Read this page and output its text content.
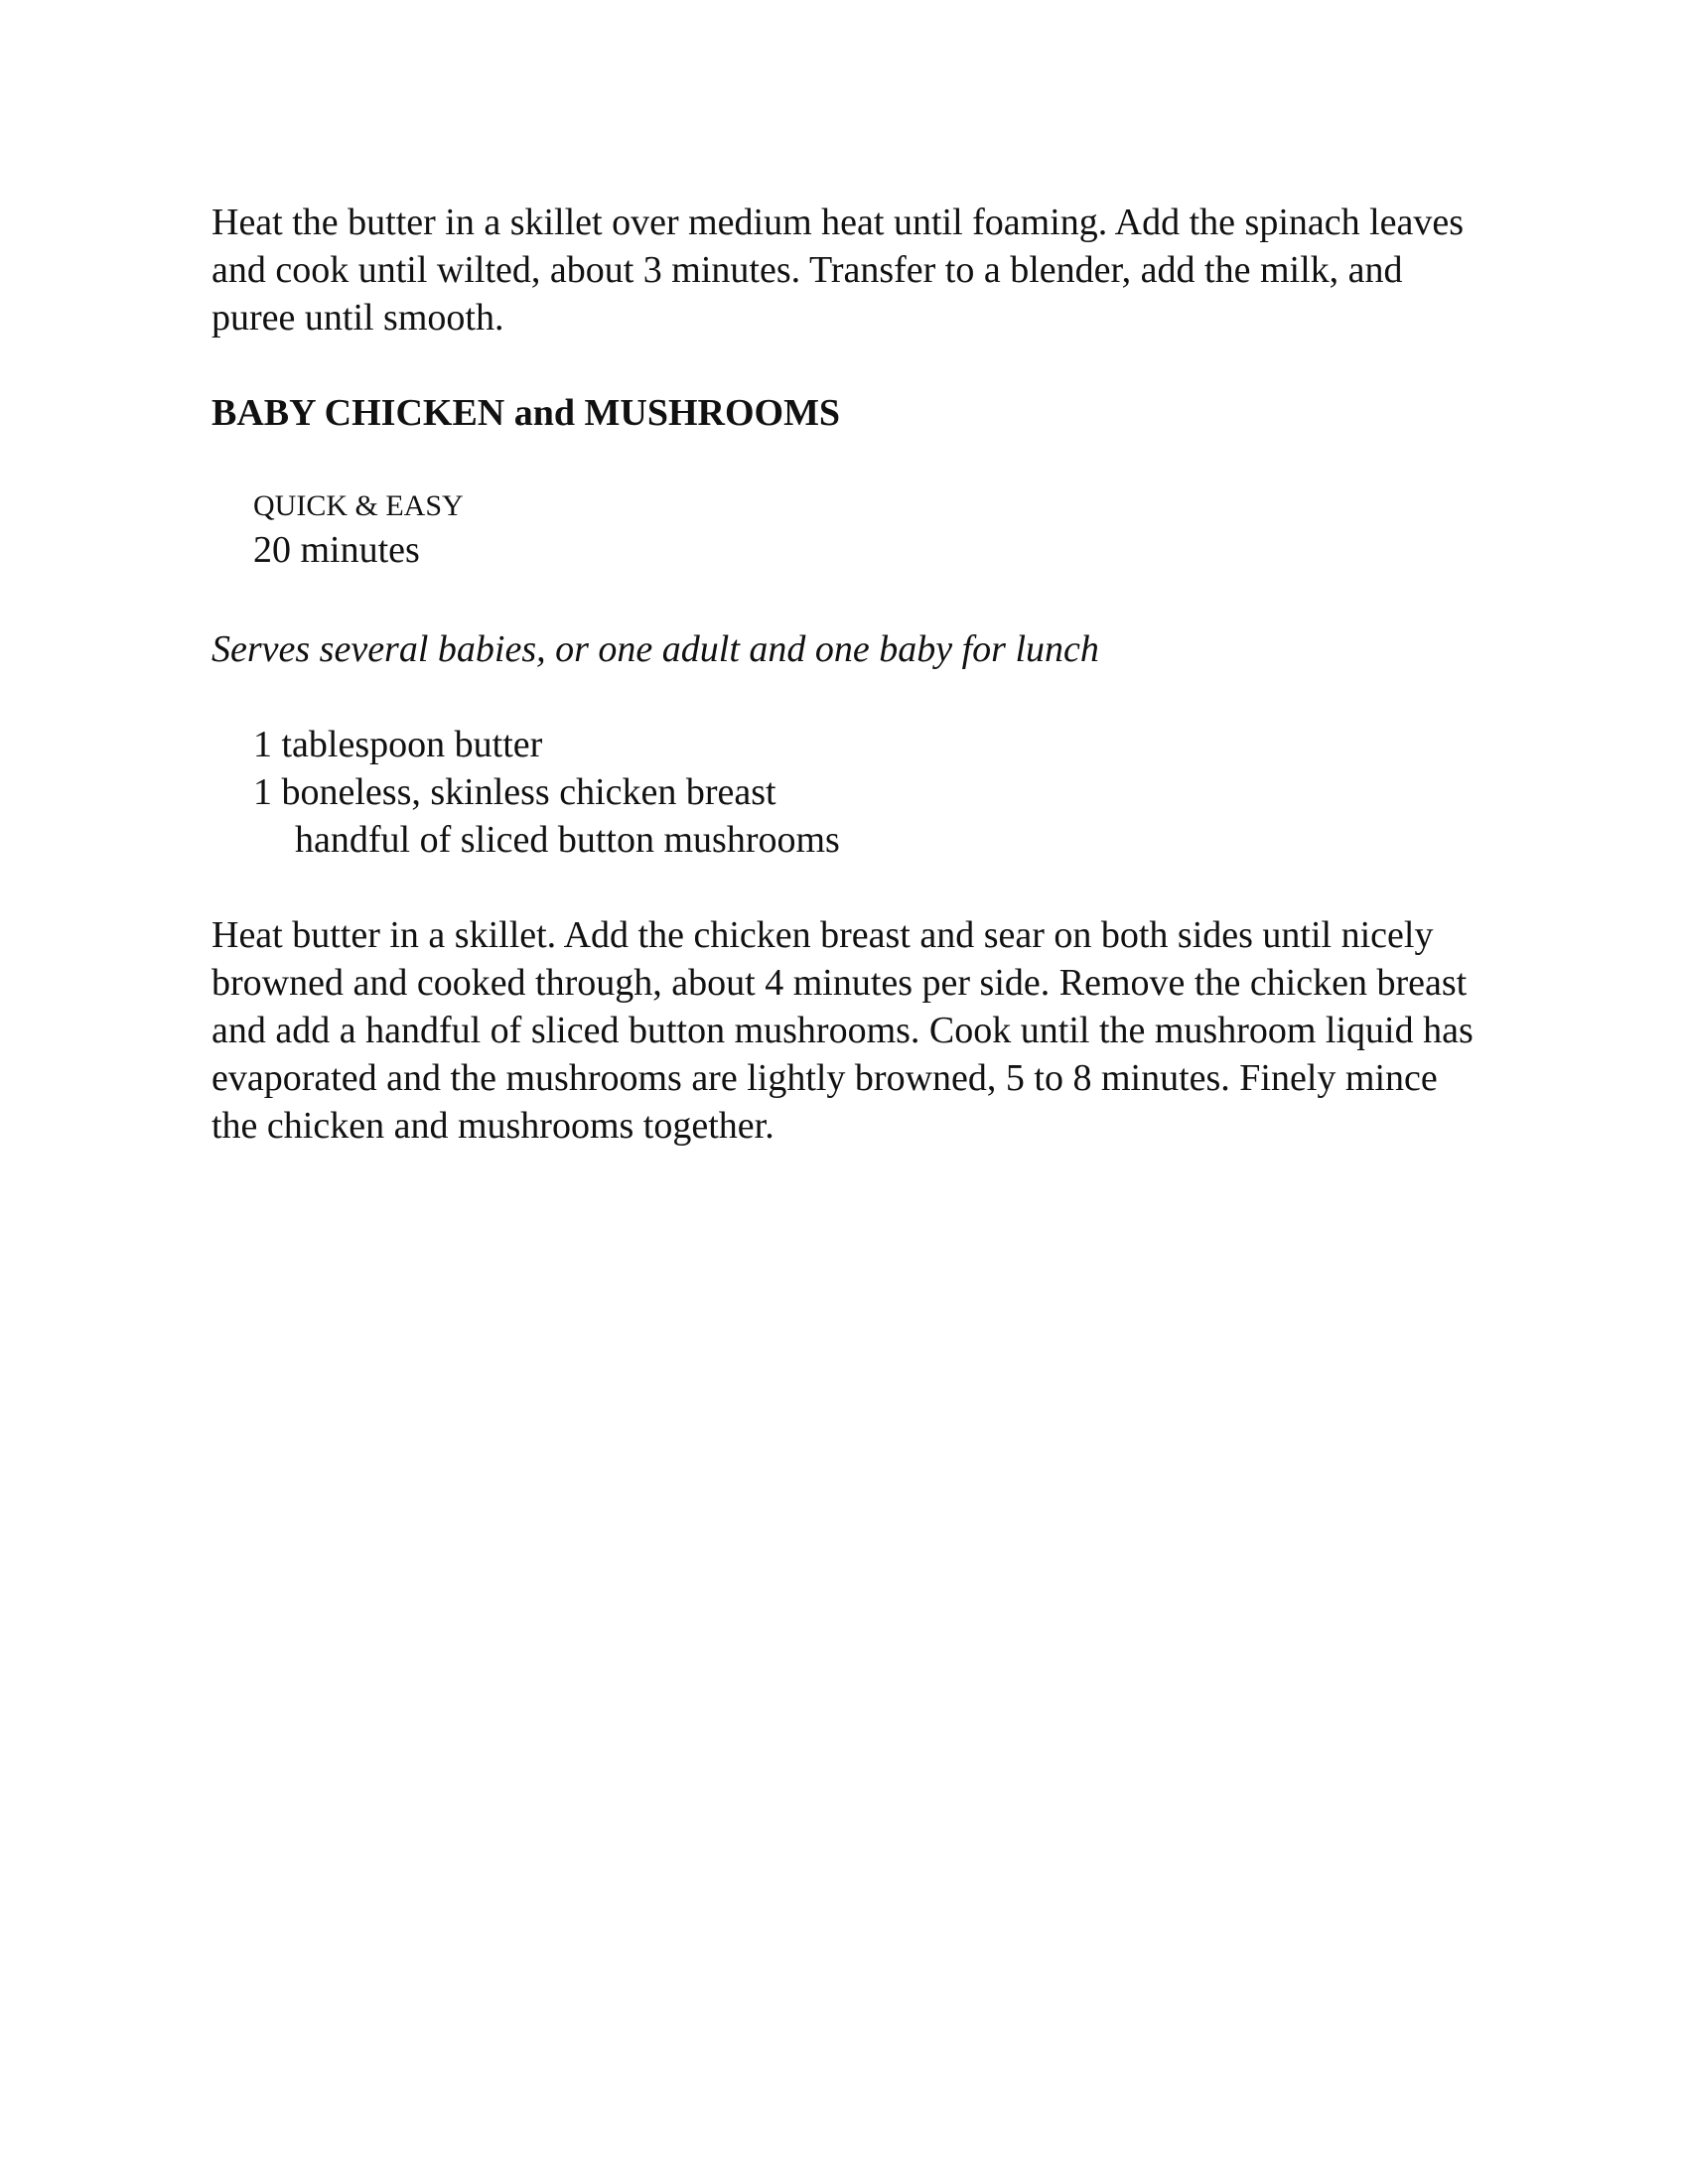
Heat the butter in a skillet over medium heat until foaming. Add the spinach leaves and cook until wilted, about 3 minutes. Transfer to a blender, add the milk, and puree until smooth.

BABY CHICKEN and MUSHROOMS
QUICK & EASY
20 minutes

Serves several babies, or one adult and one baby for lunch

1 tablespoon butter
1 boneless, skinless chicken breast
handful of sliced button mushrooms

Heat butter in a skillet. Add the chicken breast and sear on both sides until nicely browned and cooked through, about 4 minutes per side. Remove the chicken breast and add a handful of sliced button mushrooms. Cook until the mushroom liquid has evaporated and the mushrooms are lightly browned, 5 to 8 minutes. Finely mince the chicken and mushrooms together.
